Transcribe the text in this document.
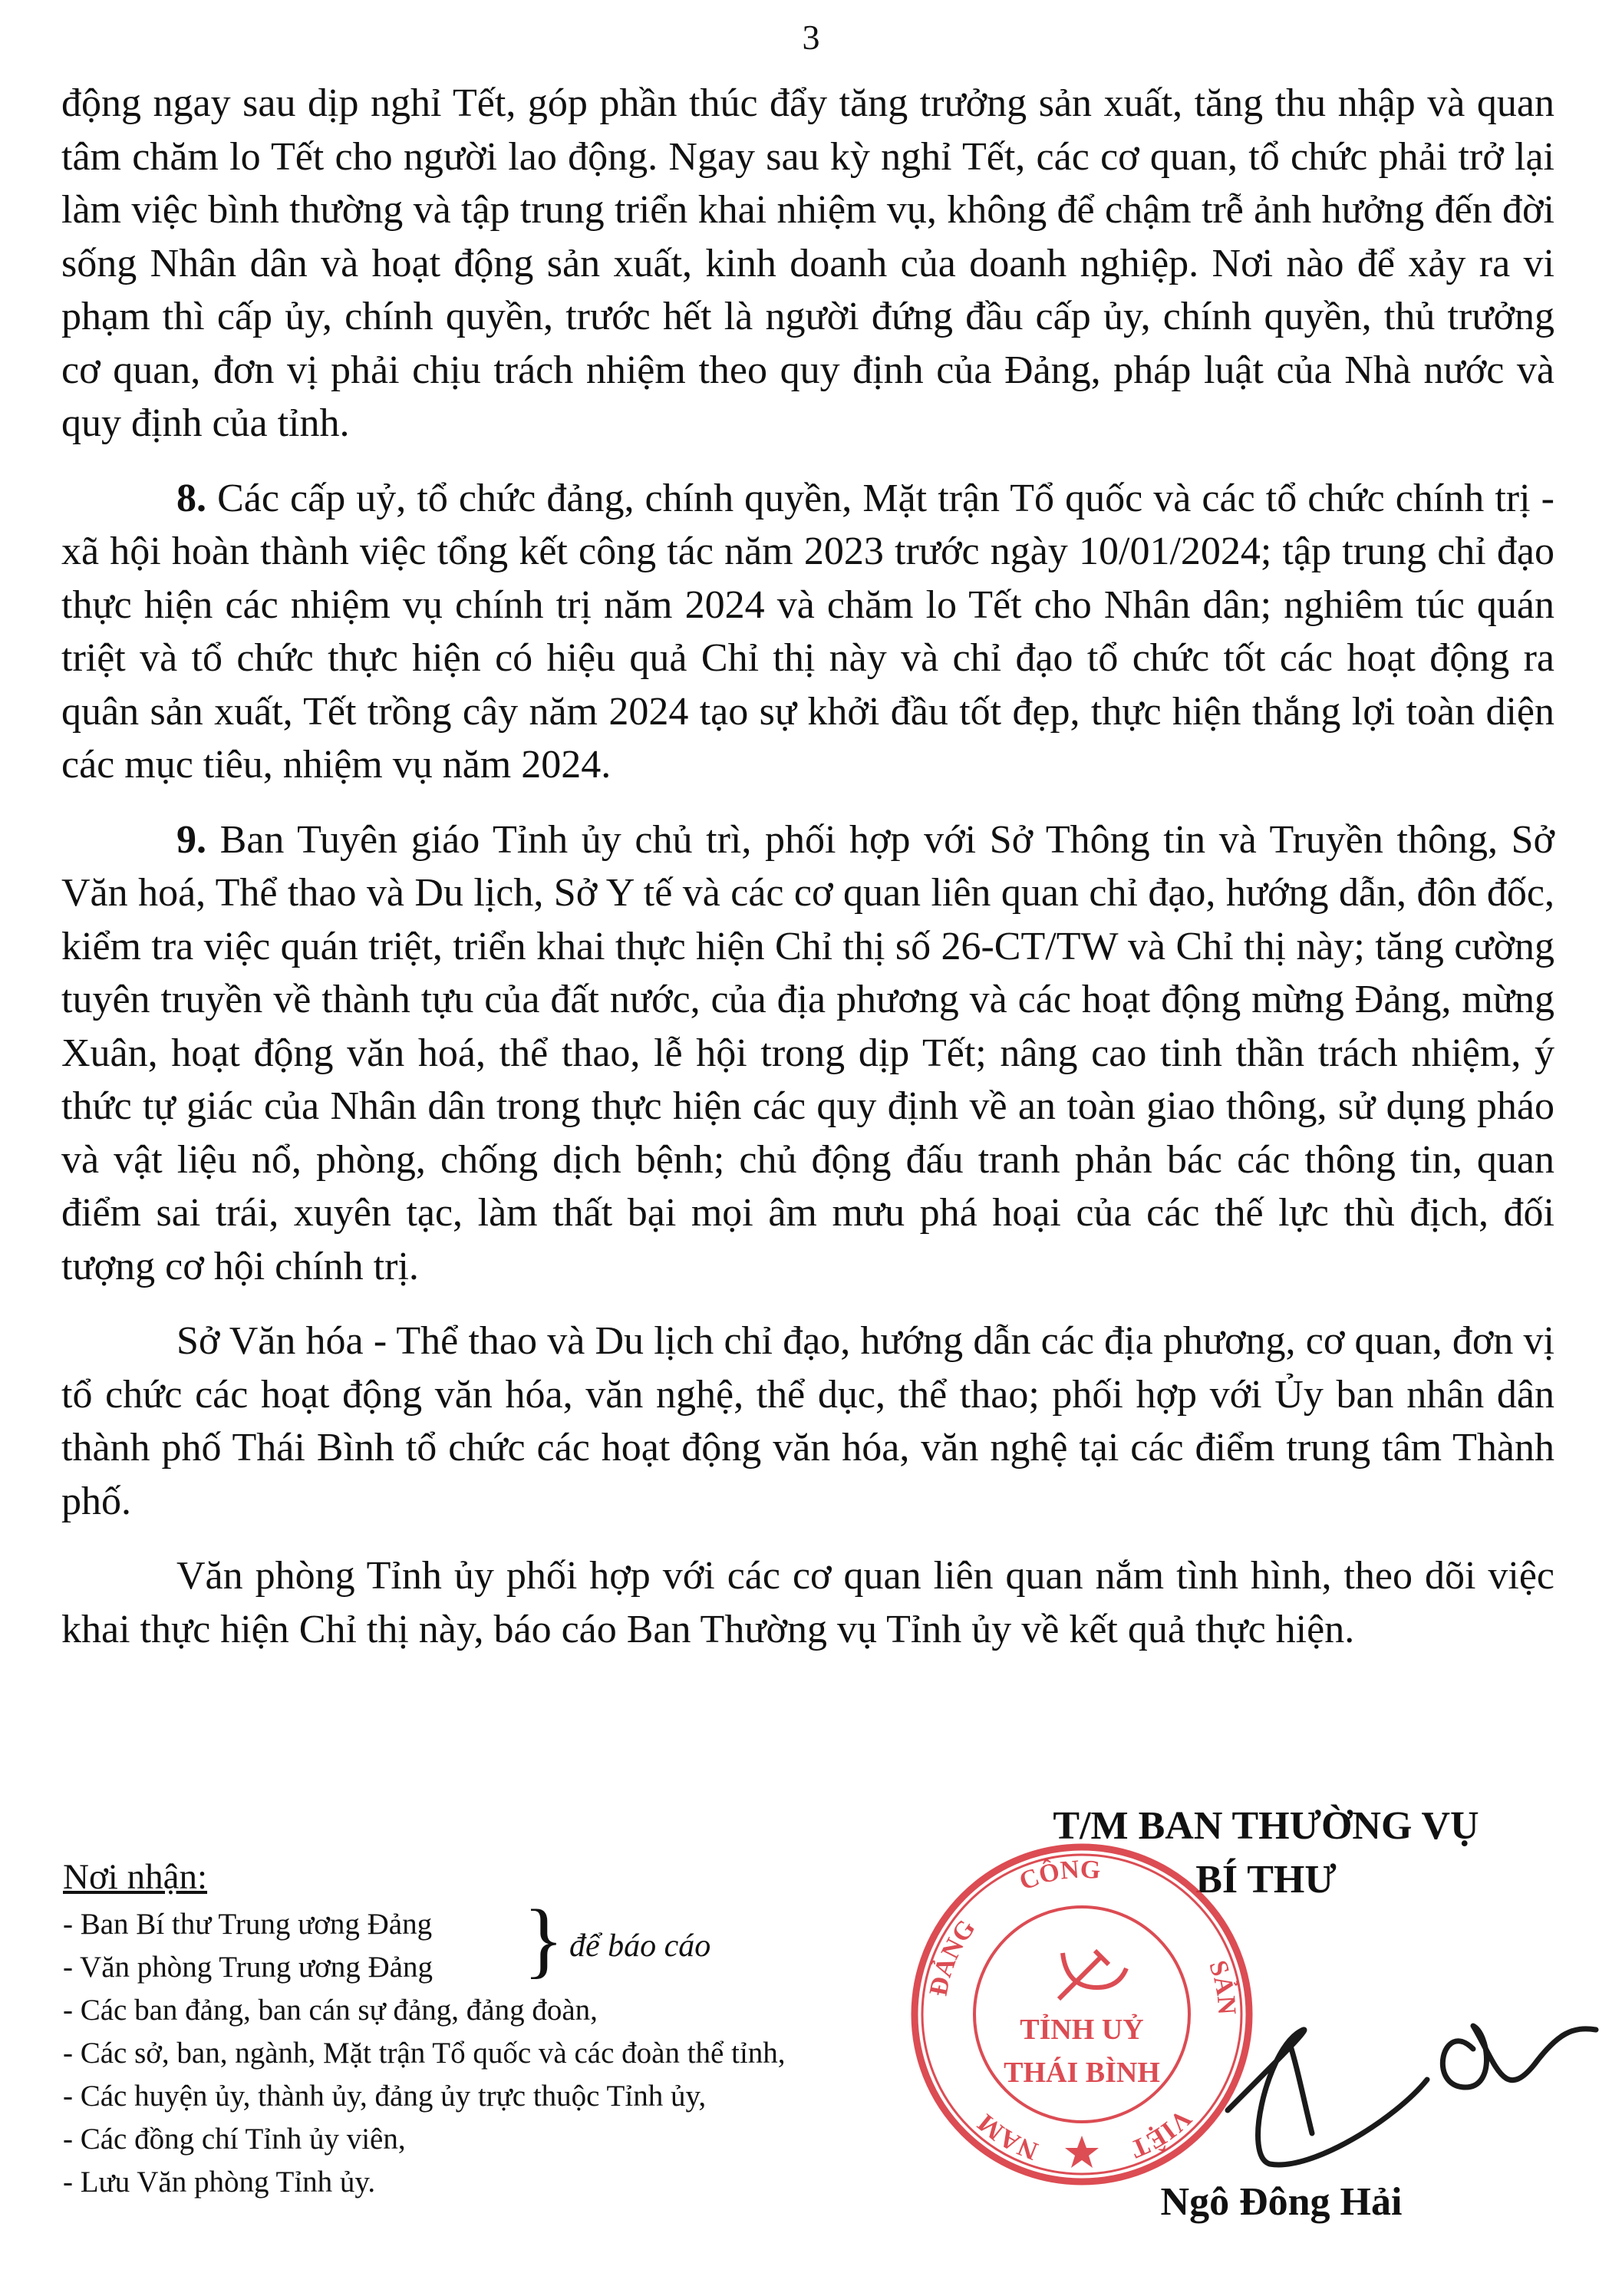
3

động ngay sau dịp nghỉ Tết, góp phần thúc đẩy tăng trưởng sản xuất, tăng thu nhập và quan tâm chăm lo Tết cho người lao động. Ngay sau kỳ nghỉ Tết, các cơ quan, tổ chức phải trở lại làm việc bình thường và tập trung triển khai nhiệm vụ, không để chậm trễ ảnh hưởng đến đời sống Nhân dân và hoạt động sản xuất, kinh doanh của doanh nghiệp. Nơi nào để xảy ra vi phạm thì cấp ủy, chính quyền, trước hết là người đứng đầu cấp ủy, chính quyền, thủ trưởng cơ quan, đơn vị phải chịu trách nhiệm theo quy định của Đảng, pháp luật của Nhà nước và quy định của tỉnh.

8. Các cấp uỷ, tổ chức đảng, chính quyền, Mặt trận Tổ quốc và các tổ chức chính trị - xã hội hoàn thành việc tổng kết công tác năm 2023 trước ngày 10/01/2024; tập trung chỉ đạo thực hiện các nhiệm vụ chính trị năm 2024 và chăm lo Tết cho Nhân dân; nghiêm túc quán triệt và tổ chức thực hiện có hiệu quả Chỉ thị này và chỉ đạo tổ chức tốt các hoạt động ra quân sản xuất, Tết trồng cây năm 2024 tạo sự khởi đầu tốt đẹp, thực hiện thắng lợi toàn diện các mục tiêu, nhiệm vụ năm 2024.

9. Ban Tuyên giáo Tỉnh ủy chủ trì, phối hợp với Sở Thông tin và Truyền thông, Sở Văn hoá, Thể thao và Du lịch, Sở Y tế và các cơ quan liên quan chỉ đạo, hướng dẫn, đôn đốc, kiểm tra việc quán triệt, triển khai thực hiện Chỉ thị số 26-CT/TW và Chỉ thị này; tăng cường tuyên truyền về thành tựu của đất nước, của địa phương và các hoạt động mừng Đảng, mừng Xuân, hoạt động văn hoá, thể thao, lễ hội trong dịp Tết; nâng cao tinh thần trách nhiệm, ý thức tự giác của Nhân dân trong thực hiện các quy định về an toàn giao thông, sử dụng pháo và vật liệu nổ, phòng, chống dịch bệnh; chủ động đấu tranh phản bác các thông tin, quan điểm sai trái, xuyên tạc, làm thất bại mọi âm mưu phá hoại của các thế lực thù địch, đối tượng cơ hội chính trị.

Sở Văn hóa - Thể thao và Du lịch chỉ đạo, hướng dẫn các địa phương, cơ quan, đơn vị tổ chức các hoạt động văn hóa, văn nghệ, thể dục, thể thao; phối hợp với Ủy ban nhân dân thành phố Thái Bình tổ chức các hoạt động văn hóa, văn nghệ tại các điểm trung tâm Thành phố.

Văn phòng Tỉnh ủy phối hợp với các cơ quan liên quan nắm tình hình, theo dõi việc khai thực hiện Chỉ thị này, báo cáo Ban Thường vụ Tỉnh ủy về kết quả thực hiện.

T/M BAN THƯỜNG VỤ
BÍ THƯ
Nơi nhận:
- Ban Bí thư Trung ương Đảng
- Văn phòng Trung ương Đảng	} để báo cáo
- Các ban đảng, ban cán sự đảng, đảng đoàn,
- Các sở, ban, ngành, Mặt trận Tổ quốc và các đoàn thể tỉnh,
- Các huyện ủy, thành ủy, đảng ủy trực thuộc Tỉnh ủy,
- Các đồng chí Tỉnh ủy viên,
- Lưu Văn phòng Tỉnh ủy.
ĐẢNG
CÔNG
SẢN
VIỆT
NAM
TỈNH UỶ
THÁI BÌNH
Ngô Đông Hải
